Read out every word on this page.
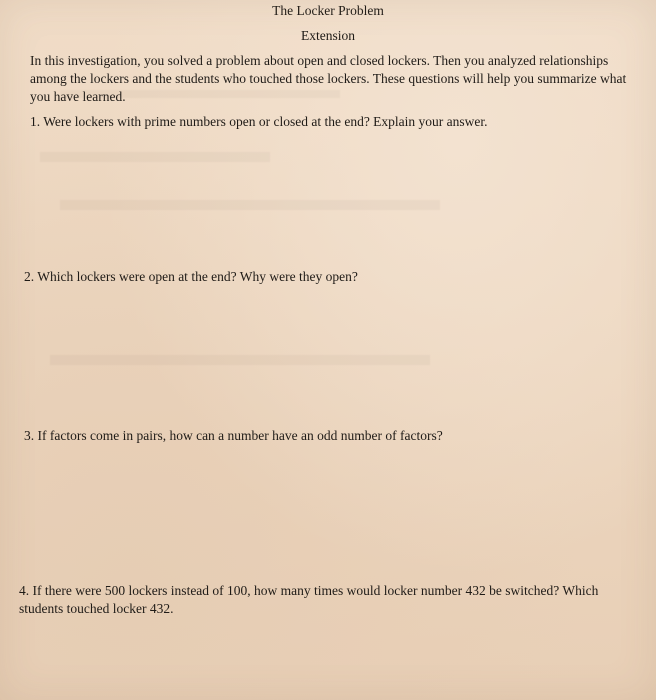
The Locker Problem
Extension
In this investigation, you solved a problem about open and closed lockers. Then you analyzed relationships among the lockers and the students who touched those lockers. These questions will help you summarize what you have learned.
1. Were lockers with prime numbers open or closed at the end? Explain your answer.
2. Which lockers were open at the end? Why were they open?
3. If factors come in pairs, how can a number have an odd number of factors?
4. If there were 500 lockers instead of 100, how many times would locker number 432 be switched? Which students touched locker 432.
